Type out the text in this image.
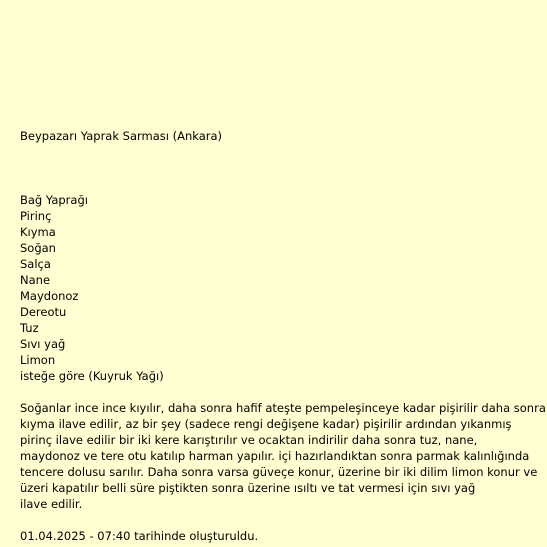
Beypazarı Yaprak Sarması (Ankara)
Bağ Yaprağı
Pirinç
Kıyma
Soğan
Salça
Nane
Maydonoz
Dereotu
Tuz
Sıvı yağ
Limon
isteğe göre (Kuyruk Yağı)
Soğanlar ince ince kıyılır, daha sonra hafif ateşte pempeleşinceye kadar pişirilir daha sonra
kıyma ilave edilir, az bir şey (sadece rengi değişene kadar) pişirilir ardından yıkanmış
pirinç ilave edilir bir iki kere karıştırılır ve ocaktan indirilir daha sonra tuz, nane,
maydonoz ve tere otu katılıp harman yapılır. içi hazırlandıktan sonra parmak kalınlığında
tencere dolusu sarılır. Daha sonra varsa güveçe konur, üzerine bir iki dilim limon konur ve
üzeri kapatılır belli süre piştikten sonra üzerine ısıltı ve tat vermesi için sıvı yağ
ilave edilir.
01.04.2025 - 07:40 tarihinde oluşturuldu.
